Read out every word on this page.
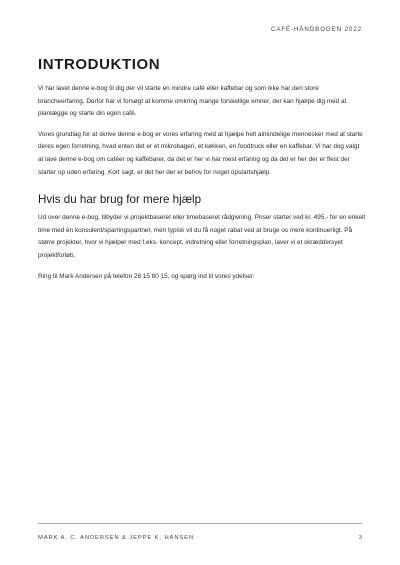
CAFÉ-HÅNDBOGEN 2022
INTRODUKTION

Vi har lavet denne e-bog til dig der vil starte en mindre café eller kaffebar og som ikke har den store brancheerfaring. Derfor har vi forsøgt at komme omkring mange forskellige emner, der kan hjælpe dig med at planlægge og starte din egen café.

Vores grundlag for at skrive denne e-bog er vores erfaring med at hjælpe helt almindelige mennesker med at starte deres egen forretning, hvad enten det er et mikrobageri, et køkken, en foodtruck eller en kaffebar. Vi har dog valgt at lave denne e-bog om caféer og kaffebarer, da det er her vi har mest erfaring og da det er her der er flest der starter op uden erfaring. Kort sagt, er det her der er behov for noget opstartshjælp.

Hvis du har brug for mere hjælp

Ud over denne e-bog, tilbyder vi projektbaseret eller timebaseret rådgivning. Priser starter ved kr. 495,- for en enkelt time med én konsulent/sparringspartner, men typisk vil du få noget rabat ved at bruge os mere kontinuerligt. På større projekter, hvor vi hjælper med f.eks. koncept, indretning eller forretningsplan, laver vi et skræddersyet projektforløb.

Ring til Mark Andersen på telefon 28 15 80 15, og spørg ind til vores ydelser.

MARK A. C. ANDERSEN & JEPPE K. HANSEN	3
